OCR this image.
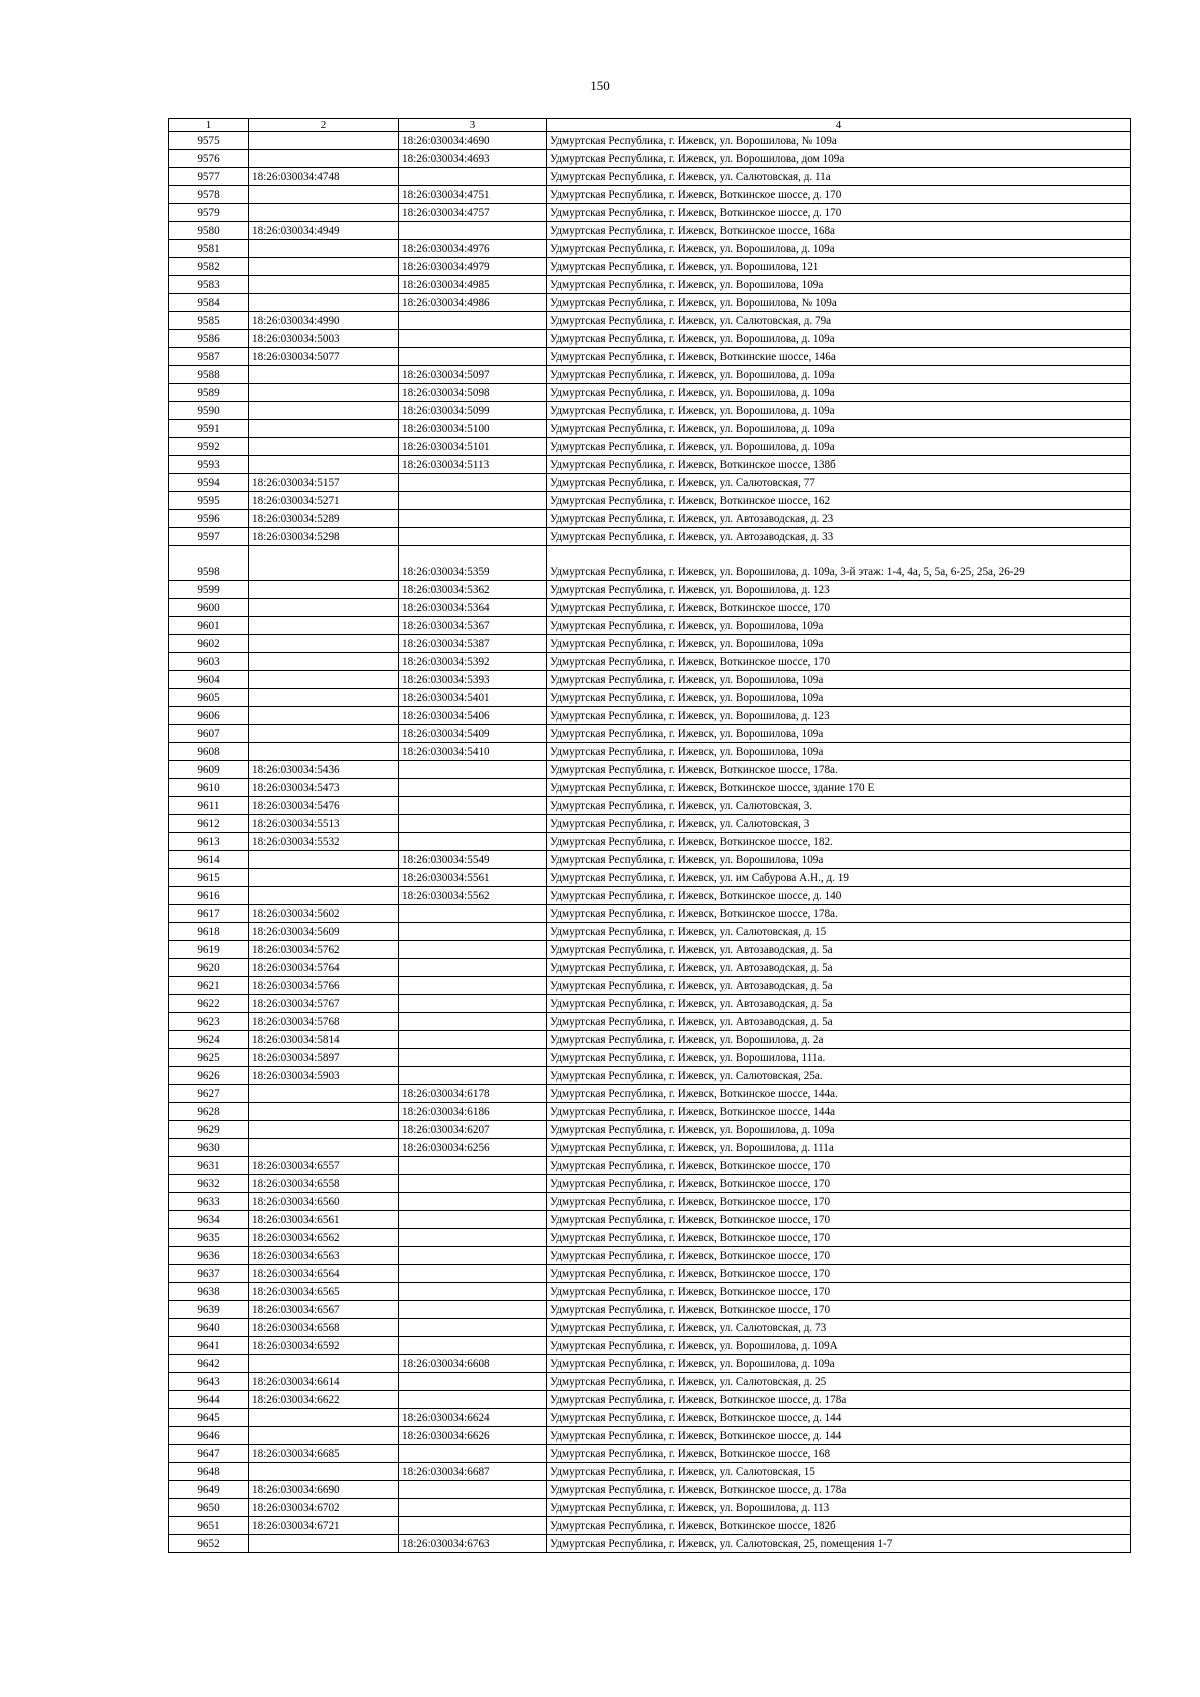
150
1	2	3	4
9575		18:26:030034:4690	Удмуртская Республика, г. Ижевск, ул. Ворошилова, № 109а
9576		18:26:030034:4693	Удмуртская Республика, г. Ижевск, ул. Ворошилова, дом 109а
9577	18:26:030034:4748		Удмуртская Республика, г. Ижевск, ул. Салютовская, д. 11а
9578		18:26:030034:4751	Удмуртская Республика, г. Ижевск, Воткинское шоссе, д. 170
9579		18:26:030034:4757	Удмуртская Республика, г. Ижевск, Воткинское шоссе, д. 170
9580	18:26:030034:4949		Удмуртская Республика, г. Ижевск, Воткинское шоссе, 168а
9581		18:26:030034:4976	Удмуртская Республика, г. Ижевск, ул. Ворошилова, д. 109а
9582		18:26:030034:4979	Удмуртская Республика, г. Ижевск, ул. Ворошилова, 121
9583		18:26:030034:4985	Удмуртская Республика, г. Ижевск, ул. Ворошилова, 109а
9584		18:26:030034:4986	Удмуртская Республика, г. Ижевск, ул. Ворошилова, № 109а
9585	18:26:030034:4990		Удмуртская Республика, г. Ижевск, ул. Салютовская, д. 79а
9586	18:26:030034:5003		Удмуртская Республика, г. Ижевск, ул. Ворошилова, д. 109а
9587	18:26:030034:5077		Удмуртская Республика, г. Ижевск, Воткинские шоссе, 146а
9588		18:26:030034:5097	Удмуртская Республика, г. Ижевск, ул. Ворошилова, д. 109а
9589		18:26:030034:5098	Удмуртская Республика, г. Ижевск, ул. Ворошилова, д. 109а
9590		18:26:030034:5099	Удмуртская Республика, г. Ижевск, ул. Ворошилова, д. 109а
9591		18:26:030034:5100	Удмуртская Республика, г. Ижевск, ул. Ворошилова, д. 109а
9592		18:26:030034:5101	Удмуртская Республика, г. Ижевск, ул. Ворошилова, д. 109а
9593		18:26:030034:5113	Удмуртская Республика, г. Ижевск, Воткинское шоссе, 138б
9594	18:26:030034:5157		Удмуртская Республика, г. Ижевск, ул. Салютовская, 77
9595	18:26:030034:5271		Удмуртская Республика, г. Ижевск, Воткинское шоссе, 162
9596	18:26:030034:5289		Удмуртская Республика, г. Ижевск, ул. Автозаводская, д. 23
9597	18:26:030034:5298		Удмуртская Республика, г. Ижевск, ул. Автозаводская, д. 33
9598		18:26:030034:5359	Удмуртская Республика, г. Ижевск, ул. Ворошилова, д. 109а, 3-й этаж: 1-4, 4а, 5, 5а, 6-25, 25а, 26-29
9599		18:26:030034:5362	Удмуртская Республика, г. Ижевск, ул. Ворошилова, д. 123
9600		18:26:030034:5364	Удмуртская Республика, г. Ижевск, Воткинское шоссе, 170
9601		18:26:030034:5367	Удмуртская Республика, г. Ижевск, ул. Ворошилова, 109а
9602		18:26:030034:5387	Удмуртская Республика, г. Ижевск, ул. Ворошилова, 109а
9603		18:26:030034:5392	Удмуртская Республика, г. Ижевск, Воткинское шоссе, 170
9604		18:26:030034:5393	Удмуртская Республика, г. Ижевск, ул. Ворошилова, 109а
9605		18:26:030034:5401	Удмуртская Республика, г. Ижевск, ул. Ворошилова, 109а
9606		18:26:030034:5406	Удмуртская Республика, г. Ижевск, ул. Ворошилова, д. 123
9607		18:26:030034:5409	Удмуртская Республика, г. Ижевск, ул. Ворошилова, 109а
9608		18:26:030034:5410	Удмуртская Республика, г. Ижевск, ул. Ворошилова, 109а
9609	18:26:030034:5436		Удмуртская Республика, г. Ижевск, Воткинское шоссе, 178а.
9610	18:26:030034:5473		Удмуртская Республика, г. Ижевск, Воткинское шоссе, здание 170 Е
9611	18:26:030034:5476		Удмуртская Республика, г. Ижевск, ул. Салютовская, 3.
9612	18:26:030034:5513		Удмуртская Республика, г. Ижевск, ул. Салютовская, 3
9613	18:26:030034:5532		Удмуртская Республика, г. Ижевск, Воткинское шоссе, 182.
9614		18:26:030034:5549	Удмуртская Республика, г. Ижевск, ул. Ворошилова, 109а
9615		18:26:030034:5561	Удмуртская Республика, г. Ижевск, ул. им Сабурова А.Н., д. 19
9616		18:26:030034:5562	Удмуртская Республика, г. Ижевск, Воткинское шоссе, д. 140
9617	18:26:030034:5602		Удмуртская Республика, г. Ижевск, Воткинское шоссе, 178а.
9618	18:26:030034:5609		Удмуртская Республика, г. Ижевск, ул. Салютовская, д. 15
9619	18:26:030034:5762		Удмуртская Республика, г. Ижевск, ул. Автозаводская, д. 5а
9620	18:26:030034:5764		Удмуртская Республика, г. Ижевск, ул. Автозаводская, д. 5а
9621	18:26:030034:5766		Удмуртская Республика, г. Ижевск, ул. Автозаводская, д. 5а
9622	18:26:030034:5767		Удмуртская Республика, г. Ижевск, ул. Автозаводская, д. 5а
9623	18:26:030034:5768		Удмуртская Республика, г. Ижевск, ул. Автозаводская, д. 5а
9624	18:26:030034:5814		Удмуртская Республика, г. Ижевск, ул. Ворошилова, д. 2а
9625	18:26:030034:5897		Удмуртская Республика, г. Ижевск, ул. Ворошилова, 111а.
9626	18:26:030034:5903		Удмуртская Республика, г. Ижевск, ул. Салютовская, 25а.
9627		18:26:030034:6178	Удмуртская Республика, г. Ижевск, Воткинское шоссе, 144а.
9628		18:26:030034:6186	Удмуртская Республика, г. Ижевск, Воткинское шоссе, 144а
9629		18:26:030034:6207	Удмуртская Республика, г. Ижевск, ул. Ворошилова, д. 109а
9630		18:26:030034:6256	Удмуртская Республика, г. Ижевск, ул. Ворошилова, д. 111а
9631	18:26:030034:6557		Удмуртская Республика, г. Ижевск, Воткинское шоссе, 170
9632	18:26:030034:6558		Удмуртская Республика, г. Ижевск, Воткинское шоссе, 170
9633	18:26:030034:6560		Удмуртская Республика, г. Ижевск, Воткинское шоссе, 170
9634	18:26:030034:6561		Удмуртская Республика, г. Ижевск, Воткинское шоссе, 170
9635	18:26:030034:6562		Удмуртская Республика, г. Ижевск, Воткинское шоссе, 170
9636	18:26:030034:6563		Удмуртская Республика, г. Ижевск, Воткинское шоссе, 170
9637	18:26:030034:6564		Удмуртская Республика, г. Ижевск, Воткинское шоссе, 170
9638	18:26:030034:6565		Удмуртская Республика, г. Ижевск, Воткинское шоссе, 170
9639	18:26:030034:6567		Удмуртская Республика, г. Ижевск, Воткинское шоссе, 170
9640	18:26:030034:6568		Удмуртская Республика, г. Ижевск, ул. Салютовская, д. 73
9641	18:26:030034:6592		Удмуртская Республика, г. Ижевск, ул. Ворошилова, д. 109А
9642		18:26:030034:6608	Удмуртская Республика, г. Ижевск, ул. Ворошилова, д. 109а
9643	18:26:030034:6614		Удмуртская Республика, г. Ижевск, ул. Салютовская, д. 25
9644	18:26:030034:6622		Удмуртская Республика, г. Ижевск, Воткинское шоссе, д. 178а
9645		18:26:030034:6624	Удмуртская Республика, г. Ижевск, Воткинское шоссе, д. 144
9646		18:26:030034:6626	Удмуртская Республика, г. Ижевск, Воткинское шоссе, д. 144
9647	18:26:030034:6685		Удмуртская Республика, г. Ижевск, Воткинское шоссе, 168
9648		18:26:030034:6687	Удмуртская Республика, г. Ижевск, ул. Салютовская, 15
9649	18:26:030034:6690		Удмуртская Республика, г. Ижевск, Воткинское шоссе, д. 178а
9650	18:26:030034:6702		Удмуртская Республика, г. Ижевск, ул. Ворошилова, д. 113
9651	18:26:030034:6721		Удмуртская Республика, г. Ижевск, Воткинское шоссе, 182б
9652		18:26:030034:6763	Удмуртская Республика, г. Ижевск, ул. Салютовская, 25, помещения 1-7
